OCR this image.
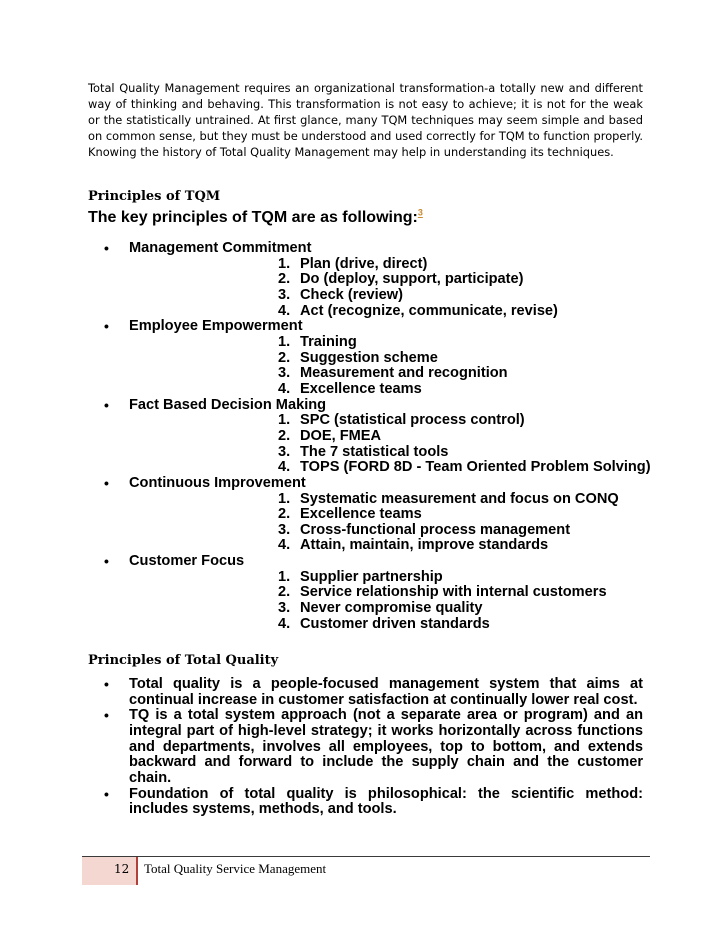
Total Quality Management requires an organizational transformation-a totally new and different way of thinking and behaving. This transformation is not easy to achieve; it is not for the weak or the statistically untrained. At first glance, many TQM techniques may seem simple and based on common sense, but they must be understood and used correctly for TQM to function properly. Knowing the history of Total Quality Management may help in understanding its techniques.

Principles of TQM

The key principles of TQM are as following:$^3$

• Management Commitment
1. Plan (drive, direct)
2. Do (deploy, support, participate)
3. Check (review)
4. Act (recognize, communicate, revise)
• Employee Empowerment
1. Training
2. Suggestion scheme
3. Measurement and recognition
4. Excellence teams
• Fact Based Decision Making
1. SPC (statistical process control)
2. DOE, FMEA
3. The 7 statistical tools
4. TOPS (FORD 8D - Team Oriented Problem Solving)
• Continuous Improvement
1. Systematic measurement and focus on CONQ
2. Excellence teams
3. Cross-functional process management
4. Attain, maintain, improve standards
• Customer Focus
1. Supplier partnership
2. Service relationship with internal customers
3. Never compromise quality
4. Customer driven standards
Principles of Total Quality
• Total quality is a people-focused management system that aims at continual increase in customer satisfaction at continually lower real cost.
• TQ is a total system approach (not a separate area or program) and an integral part of high-level strategy; it works horizontally across functions and departments, involves all employees, top to bottom, and extends backward and forward to include the supply chain and the customer chain.
• Foundation of total quality is philosophical: the scientific method: includes systems, methods, and tools.

12 Total Quality Service Management
